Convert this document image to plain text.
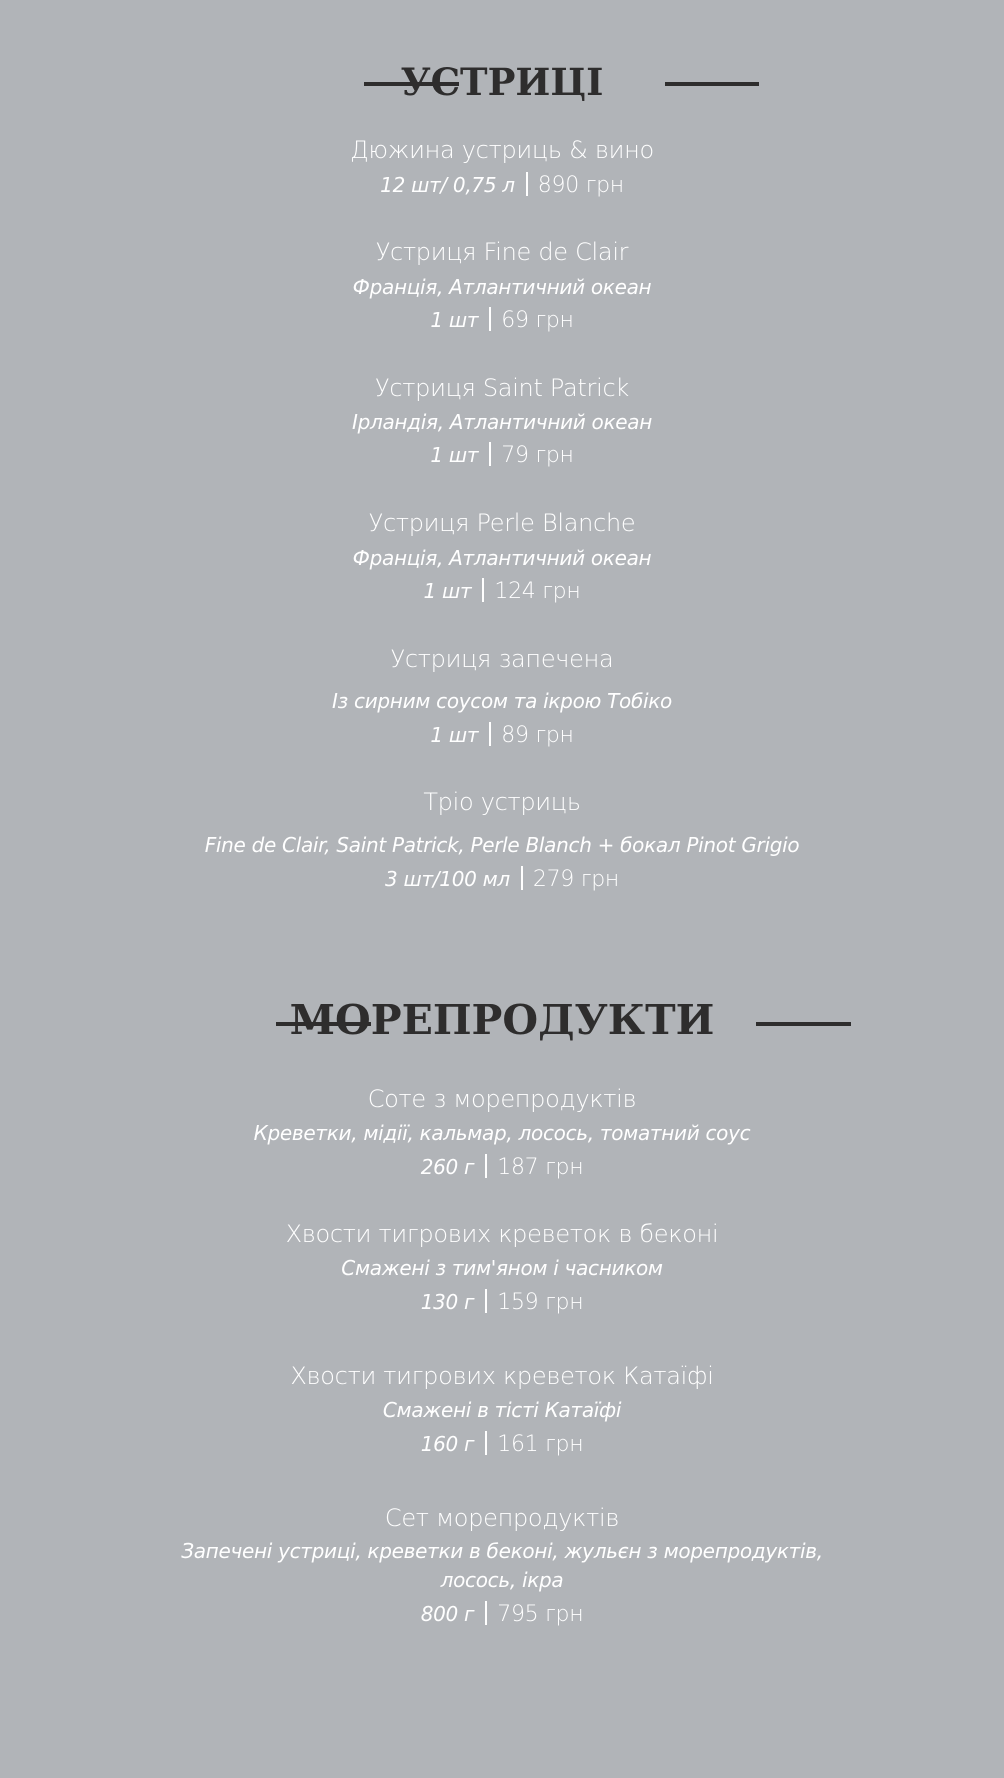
УСТРИЦІ
Дюжина устриць & вино
12 шт/ 0,75 л 890 грн
Устриця Fine de Clair
Франція, Атлантичний океан
1 шт 69 грн
Устриця Saint Patrick
Ірландія, Атлантичний океан
1 шт 79 грн
Устриця Perle Blanche
Франція, Атлантичний океан
1 шт 124 грн
Устриця запечена
Із сирним соусом та ікрою Тобіко
1 шт 89 грн
Тріо устриць
Fine de Clair, Saint Patrick, Perle Blanch + бокал Pinot Grigio
3 шт/100 мл 279 грн
МОРЕПРОДУКТИ
Соте з морепродуктів
Креветки, мідії, кальмар, лосось, томатний соус
260 г 187 грн
Хвости тигрових креветок в беконі
Смажені з тим'яном і часником
130 г 159 грн
Хвости тигрових креветок Катаїфі
Смажені в тісті Катаїфі
160 г 161 грн
Сет морепродуктів
Запечені устриці, креветки в беконі, жульєн з морепродуктів,
лосось, ікра
800 г 795 грн
